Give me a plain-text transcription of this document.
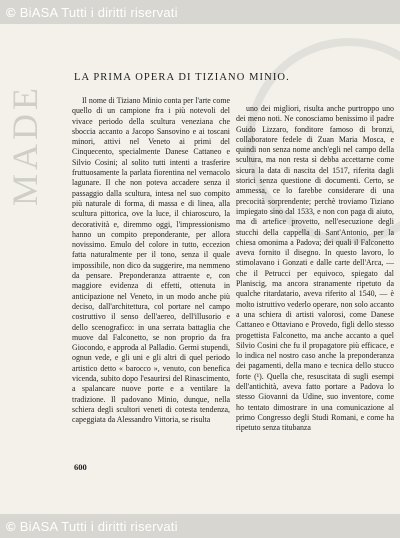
© BiASA Tutti i diritti riservati
MADE
LA PRIMA OPERA DI TIZIANO MINIO.

Il nome di Tiziano Minio conta per l'arte come quello di un campione fra i più notevoli del vivace periodo della scultura veneziana che sboccia accanto a Jacopo Sansovino e ai toscani minori, attivi nel Veneto ai primi del Cinquecento, specialmente Danese Cattaneo e Silvio Cosini; al solito tutti intenti a trasferire fruttuosamente la parlata fiorentina nel vernacolo lagunare. Il che non poteva accadere senza il passaggio dalla scultura, intesa nel suo compito più naturale di forma, di massa e di linea, alla scultura pittorica, ove la luce, il chiaroscuro, la decoratività e, diremmo oggi, l'impressionismo hanno un compito preponderante, per allora novissimo. Emulo del colore in tutto, eccezion fatta naturalmente per il tono, senza il quale impossibile, non dico da suggerire, ma nemmeno da pensare. Preponderanza attraente e, con maggiore evidenza di effetti, ottenuta in anticipazione nel Veneto, in un modo anche più deciso, dall'architettura, col portare nel campo costruttivo il senso dell'aereo, dell'illusorio e dello scenografico: in una serrata battaglia che muove dal Falconetto, se non proprio da fra Giocondo, e approda al Palladio. Germi stupendi, ognun vede, e gli uni e gli altri di quel periodo artistico detto « barocco », venuto, con benefica vicenda, subito dopo l'esaurirsi del Rinascimento, a spalancare nuove porte e a ventilare la tradizione. Il padovano Minio, dunque, nella schiera degli scultori veneti di cotesta tendenza, capeggiata da Alessandro Vittoria, se risulta

uno dei migliori, risulta anche purtroppo uno dei meno noti. Ne conosciamo benissimo il padre Guido Lizzaro, fonditore famoso di bronzi, collaboratore fedele di Zuan Maria Mosca, e quindi non senza nome anch'egli nel campo della scultura, ma non resta sì debba accettarne come sicura la data di nascita del 1517, riferita dagli storici senza questione di documenti. Certo, se ammessa, ce lo farebbe considerare di una precocità sorprendente; perchè troviamo Tiziano impiegato sino dal 1533, e non con paga di aiuto, ma di artefice provetto, nell'esecuzione degli stucchi della cappella di Sant'Antonio, per la chiesa omonima a Padova; dei quali il Falconetto aveva fornito il disegno. In questo lavoro, lo stimolavano i Gonzati e dalle carte dell'Arca, — che il Petrucci per equivoco, spiegato dal Planiscig, ma ancora stranamente ripetuto da qualche ritardatario, aveva riferito al 1540, — è molto istruttivo vederlo operare, non solo accanto a una schiera di artisti valorosi, come Danese Cattaneo e Ottaviano e Provedo, figli dello stesso progettista Falconetto, ma anche accanto a quel Silvio Cosini che fu il propagatore più efficace, e lo indica nel nostro caso anche la preponderanza dei pagamenti, della mano e tecnica dello stucco forte (¹). Quella che, resuscitata di sugli esempi dell'antichità, aveva fatto portare a Padova lo stesso Giovanni da Udine, suo inventore, come ho tentato dimostrare in una comunicazione al primo Congresso degli Studi Romani, e come ha ripetuto senza titubanza

600
© BiASA Tutti i diritti riservati
